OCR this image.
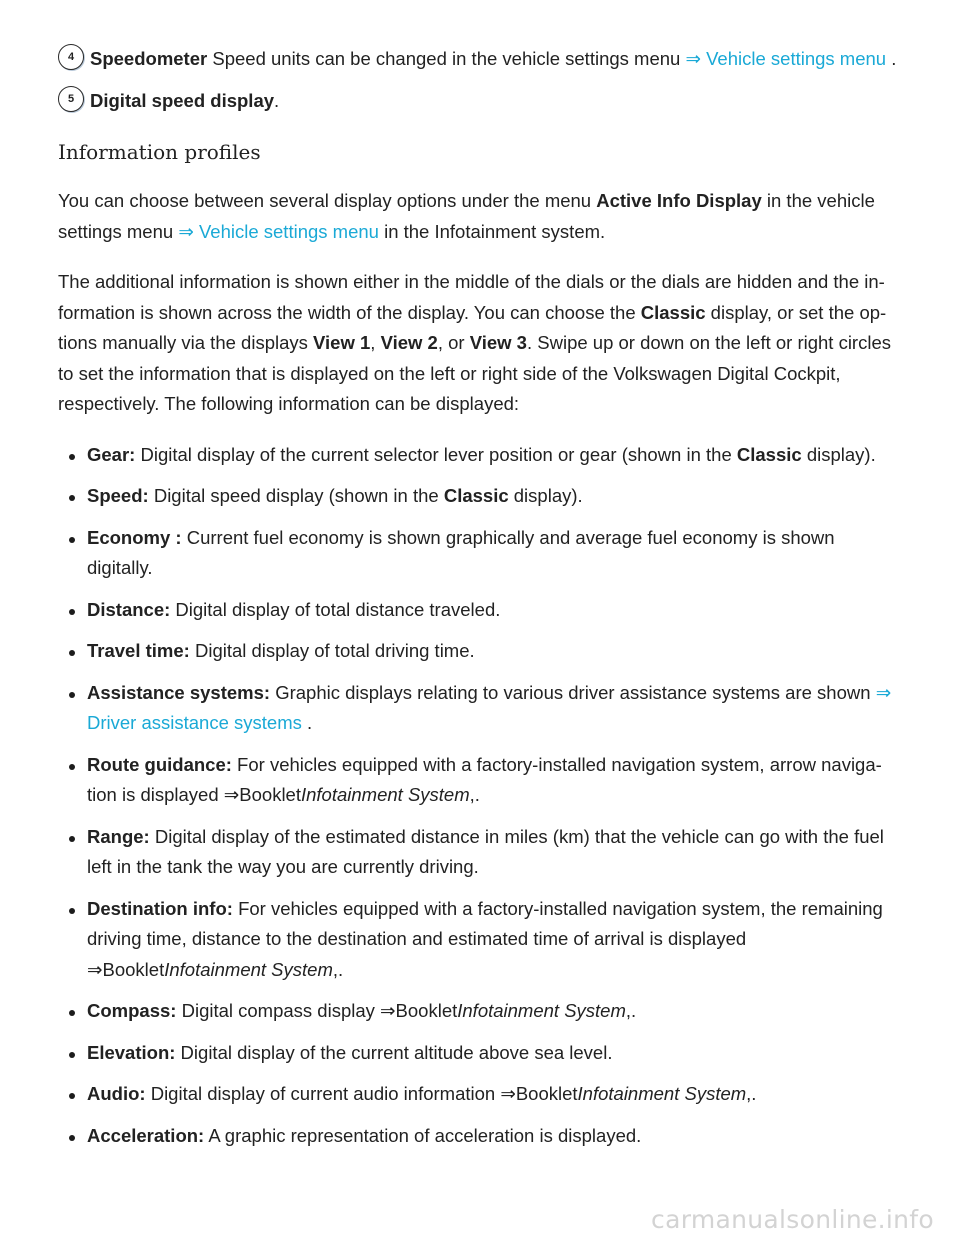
4 Speedometer Speed units can be changed in the vehicle settings menu ⇒ Vehicle settings menu .

5 Digital speed display.

Information profiles

You can choose between several display options under the menu Active Info Display in the vehicle settings menu ⇒ Vehicle settings menu in the Infotainment system.

The additional information is shown either in the middle of the dials or the dials are hidden and the information is shown across the width of the display. You can choose the Classic display, or set the options manually via the displays View 1, View 2, or View 3. Swipe up or down on the left or right circles to set the information that is displayed on the left or right side of the Volkswagen Digital Cockpit, respectively. The following information can be displayed:

Gear: Digital display of the current selector lever position or gear (shown in the Classic display).
Speed: Digital speed display (shown in the Classic display).
Economy : Current fuel economy is shown graphically and average fuel economy is shown digitally.
Distance: Digital display of total distance traveled.
Travel time: Digital display of total driving time.
Assistance systems: Graphic displays relating to various driver assistance systems are shown ⇒ Driver assistance systems .
Route guidance: For vehicles equipped with a factory-installed navigation system, arrow navigation is displayed ⇒BookletInfotainment System,.
Range: Digital display of the estimated distance in miles (km) that the vehicle can go with the fuel left in the tank the way you are currently driving.
Destination info: For vehicles equipped with a factory-installed navigation system, the remaining driving time, distance to the destination and estimated time of arrival is displayed ⇒BookletInfotainment System,.
Compass: Digital compass display ⇒BookletInfotainment System,.
Elevation: Digital display of the current altitude above sea level.
Audio: Digital display of current audio information ⇒BookletInfotainment System,.
Acceleration: A graphic representation of acceleration is displayed.
carmanualsonline.info
